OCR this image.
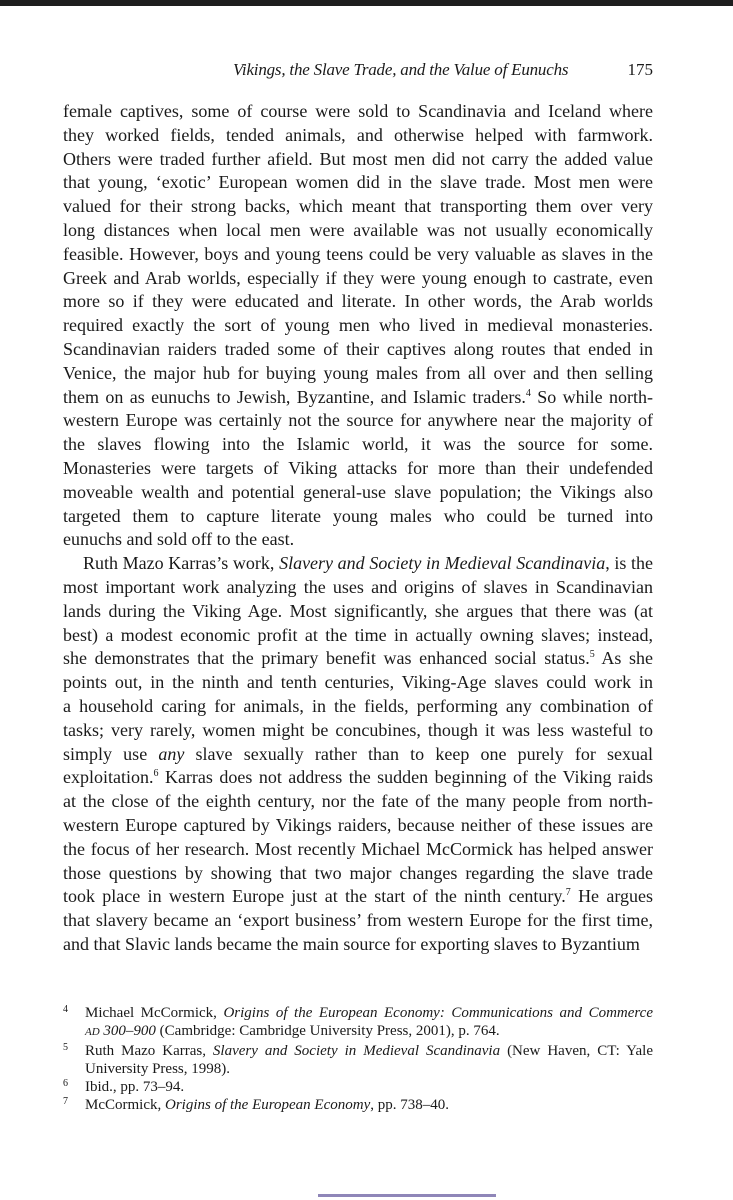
Vikings, the Slave Trade, and the Value of Eunuchs	175
female captives, some of course were sold to Scandinavia and Iceland where
they worked fields, tended animals, and otherwise helped with farmwork.
Others were traded further afield. But most men did not carry the added value
that young, ‘exotic’ European women did in the slave trade. Most men were
valued for their strong backs, which meant that transporting them over very
long distances when local men were available was not usually economically
feasible. However, boys and young teens could be very valuable as slaves in the
Greek and Arab worlds, especially if they were young enough to castrate, even
more so if they were educated and literate. In other words, the Arab worlds
required exactly the sort of young men who lived in medieval monasteries.
Scandinavian raiders traded some of their captives along routes that ended in
Venice, the major hub for buying young males from all over and then selling
them on as eunuchs to Jewish, Byzantine, and Islamic traders.$^4$ So while north-
western Europe was certainly not the source for anywhere near the majority of
the slaves flowing into the Islamic world, it was the source for some.
Monasteries were targets of Viking attacks for more than their undefended
moveable wealth and potential general-use slave population; the Vikings also
targeted them to capture literate young males who could be turned into
eunuchs and sold off to the east.
Ruth Mazo Karras’s work, Slavery and Society in Medieval Scandinavia, is the
most important work analyzing the uses and origins of slaves in Scandinavian
lands during the Viking Age. Most significantly, she argues that there was (at
best) a modest economic profit at the time in actually owning slaves; instead,
she demonstrates that the primary benefit was enhanced social status.$^5$ As she
points out, in the ninth and tenth centuries, Viking-Age slaves could work in
a household caring for animals, in the fields, performing any combination of
tasks; very rarely, women might be concubines, though it was less wasteful to
simply use any slave sexually rather than to keep one purely for sexual
exploitation.$^6$ Karras does not address the sudden beginning of the Viking raids
at the close of the eighth century, nor the fate of the many people from north-
western Europe captured by Vikings raiders, because neither of these issues are
the focus of her research. Most recently Michael McCormick has helped answer
those questions by showing that two major changes regarding the slave trade
took place in western Europe just at the start of the ninth century.$^7$ He argues
that slavery became an ‘export business’ from western Europe for the first time,
and that Slavic lands became the main source for exporting slaves to Byzantium
4 Michael McCormick, Origins of the European Economy: Communications and Commerce
AD 300–900 (Cambridge: Cambridge University Press, 2001), p. 764.
5 Ruth Mazo Karras, Slavery and Society in Medieval Scandinavia (New Haven, CT: Yale
University Press, 1998).
6 Ibid., pp. 73–94.
7 McCormick, Origins of the European Economy, pp. 738–40.
